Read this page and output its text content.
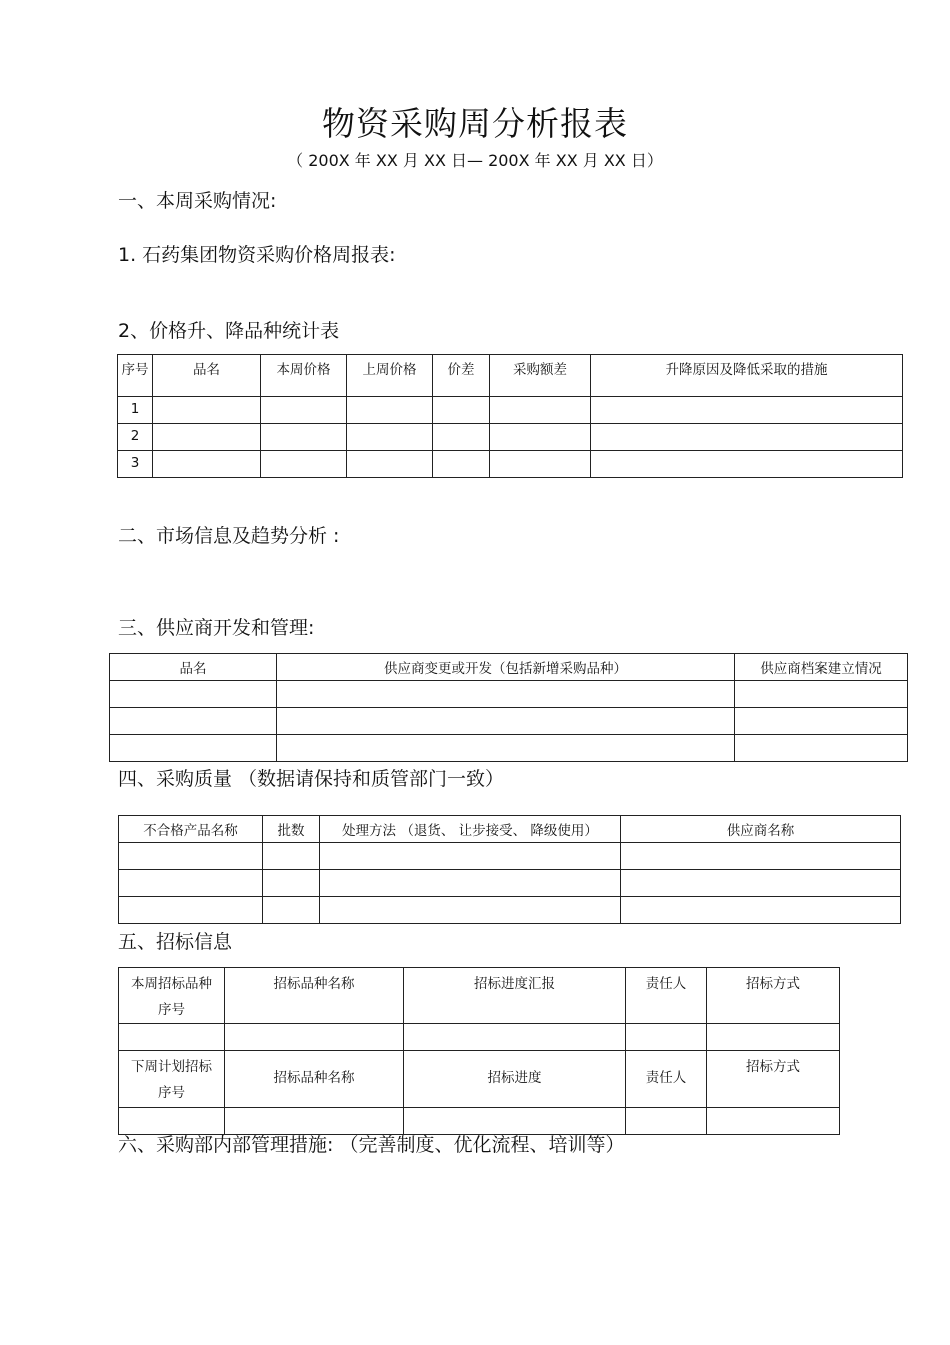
物资采购周分析报表
（ 200X 年 XX 月 XX 日— 200X 年 XX 月 XX 日）
一、本周采购情况:
1. 石药集团物资采购价格周报表:
2、价格升、降品种统计表
序号	品名	本周价格	上周价格	价差	采购额差	升降原因及降低采取的措施
1						
2						
3						
二、市场信息及趋势分析 :
三、供应商开发和管理:
品名	供应商变更或开发（包括新增采购品种）	供应商档案建立情况

四、采购质量 （数据请保持和质管部门一致）
不合格产品名称	批数	处理方法 （退货、 让步接受、 降级使用）	供应商名称

五、招标信息
本周招标品种序号	招标品种名称	招标进度汇报	责任人	招标方式

下周计划招标序号	招标品种名称	招标进度	责任人	招标方式

六、采购部内部管理措施: （完善制度、优化流程、培训等）
